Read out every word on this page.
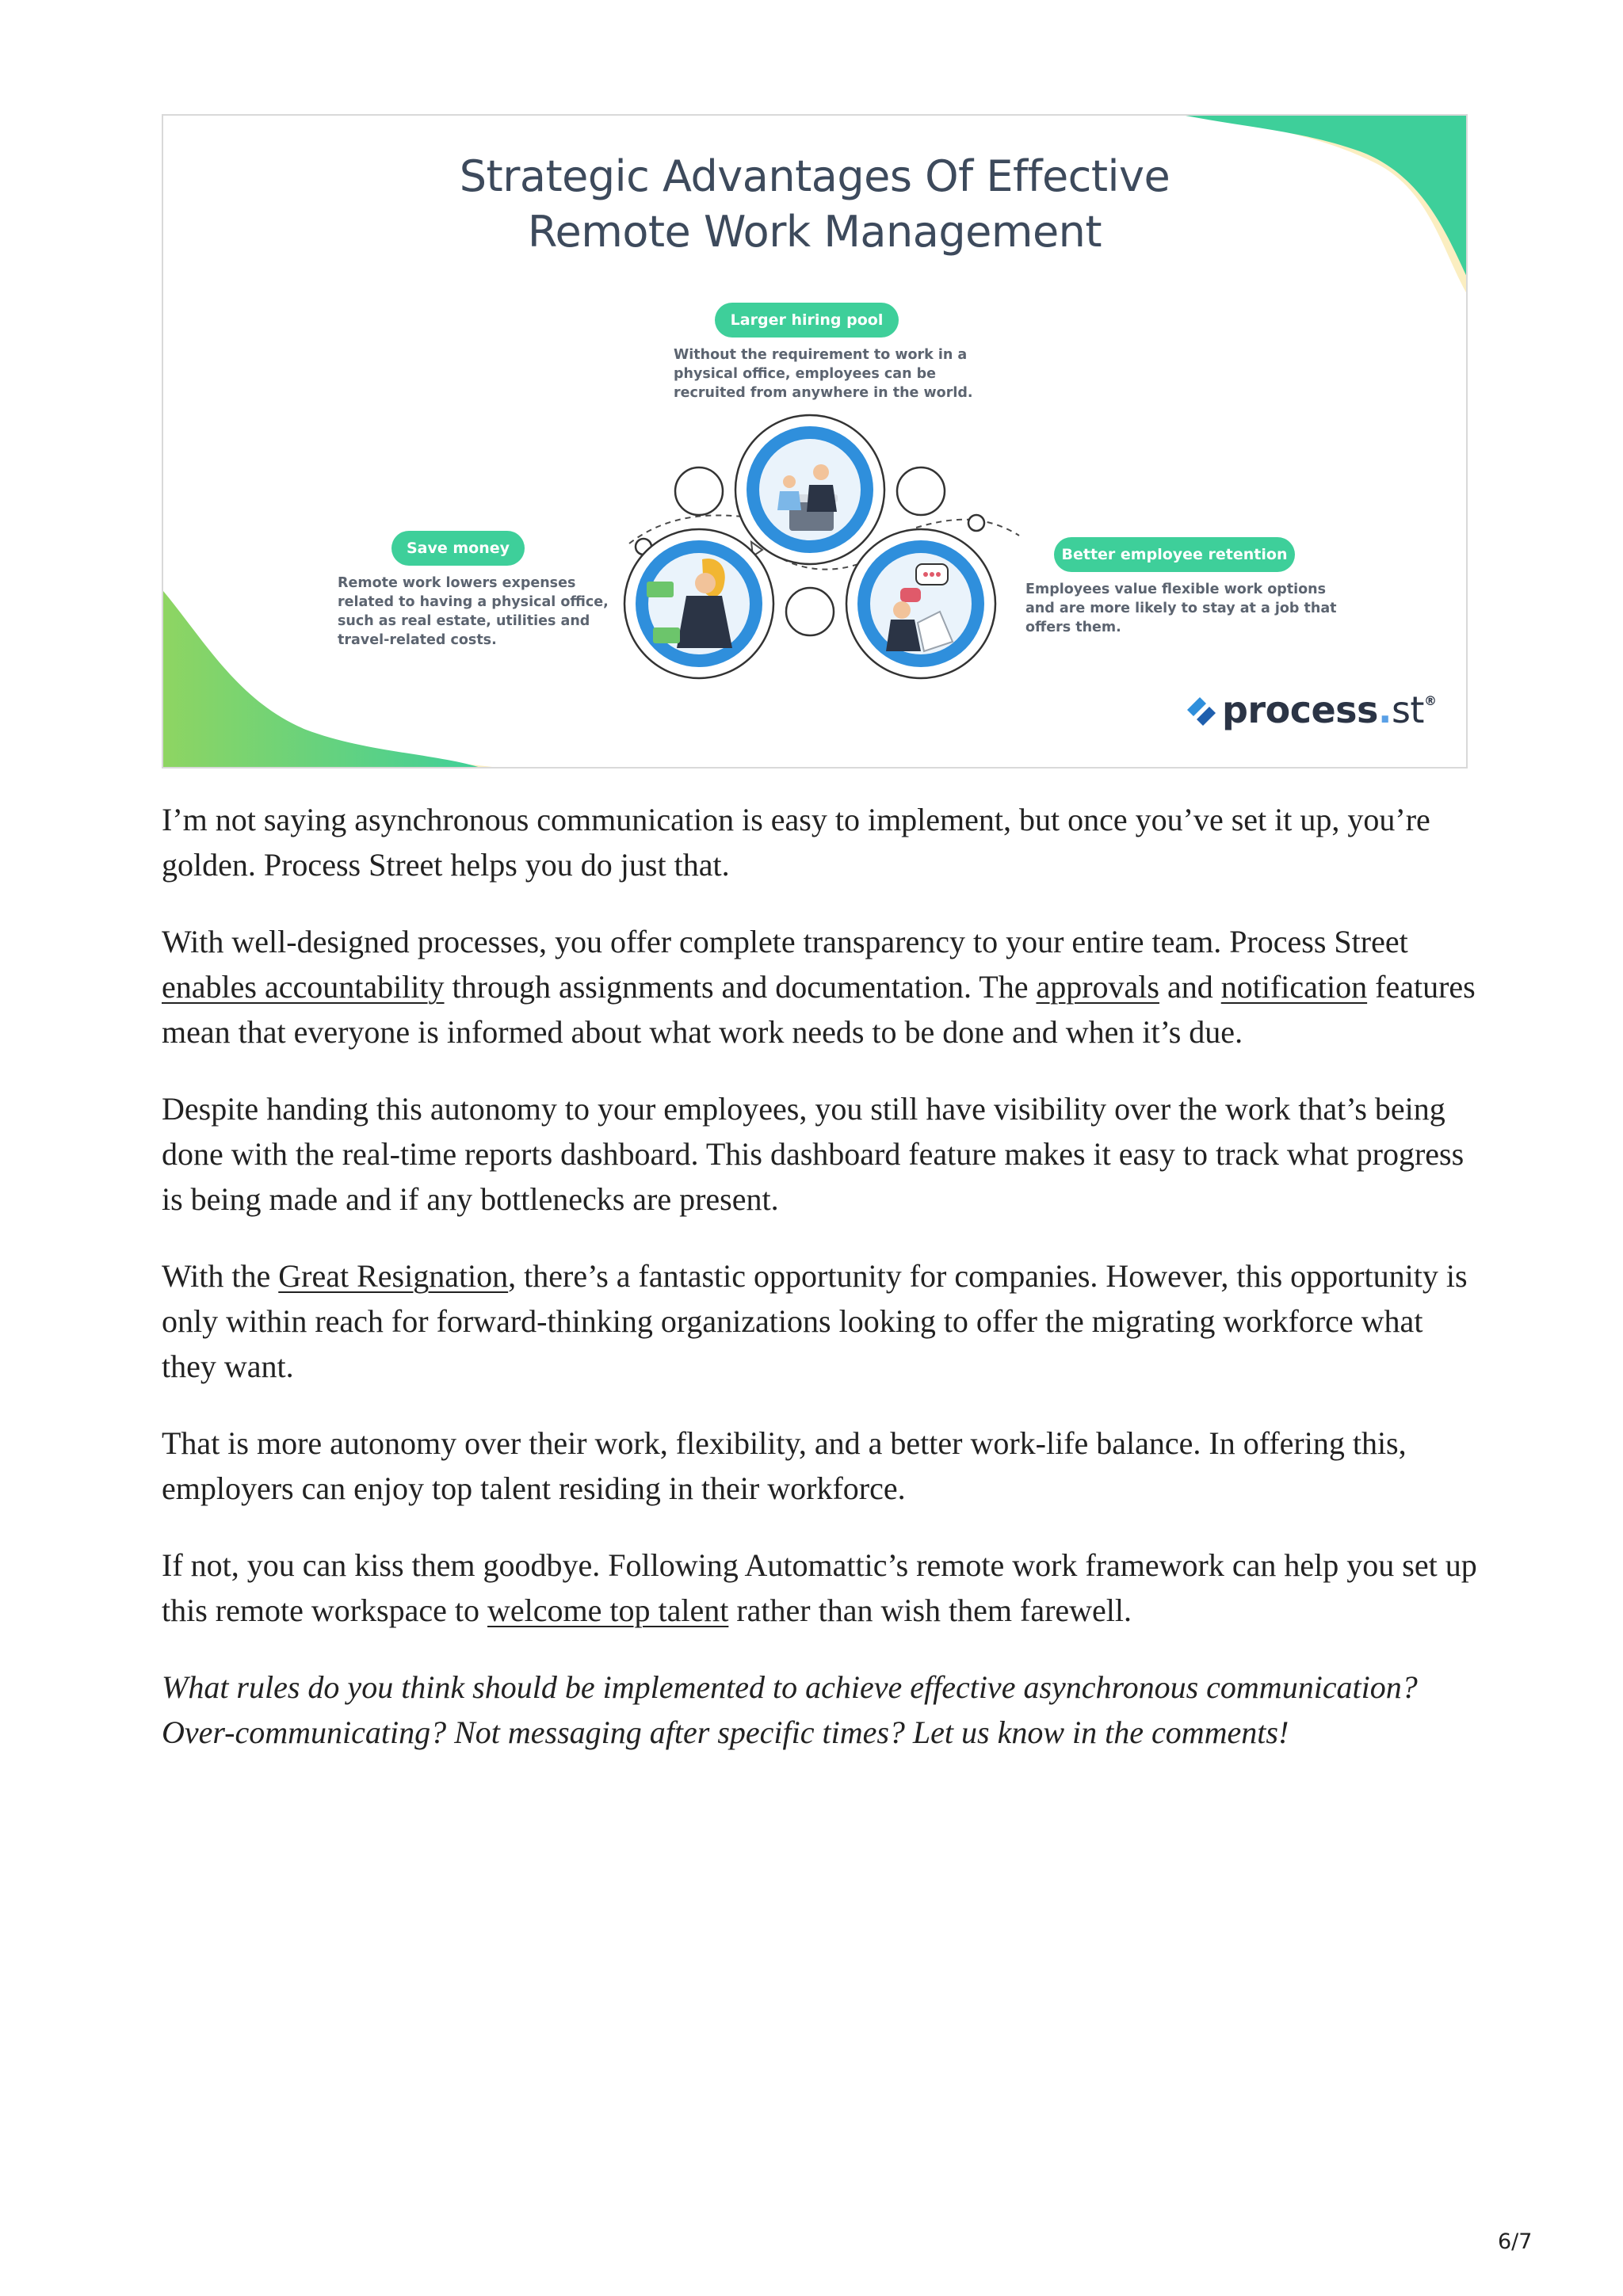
Strategic Advantages Of Effective
Remote Work Management
Larger hiring pool
Without the requirement to work in a
physical office, employees can be
recruited from anywhere in the world.
Save money
Remote work lowers expenses
related to having a physical office,
such as real estate, utilities and
travel-related costs.
Better employee retention
Employees value flexible work options
and are more likely to stay at a job that
offers them.
process.st®

I’m not saying asynchronous communication is easy to implement, but once you’ve set it up, you’re golden. Process Street helps you do just that.

With well-designed processes, you offer complete transparency to your entire team. Process Street enables accountability through assignments and documentation. The approvals and notification features mean that everyone is informed about what work needs to be done and when it’s due.

Despite handing this autonomy to your employees, you still have visibility over the work that’s being done with the real-time reports dashboard. This dashboard feature makes it easy to track what progress is being made and if any bottlenecks are present.

With the Great Resignation, there’s a fantastic opportunity for companies. However, this opportunity is only within reach for forward-thinking organizations looking to offer the migrating workforce what they want.

That is more autonomy over their work, flexibility, and a better work-life balance. In offering this, employers can enjoy top talent residing in their workforce.

If not, you can kiss them goodbye. Following Automattic’s remote work framework can help you set up this remote workspace to welcome top talent rather than wish them farewell.

What rules do you think should be implemented to achieve effective asynchronous communication? Over-communicating? Not messaging after specific times? Let us know in the comments!

6/7
